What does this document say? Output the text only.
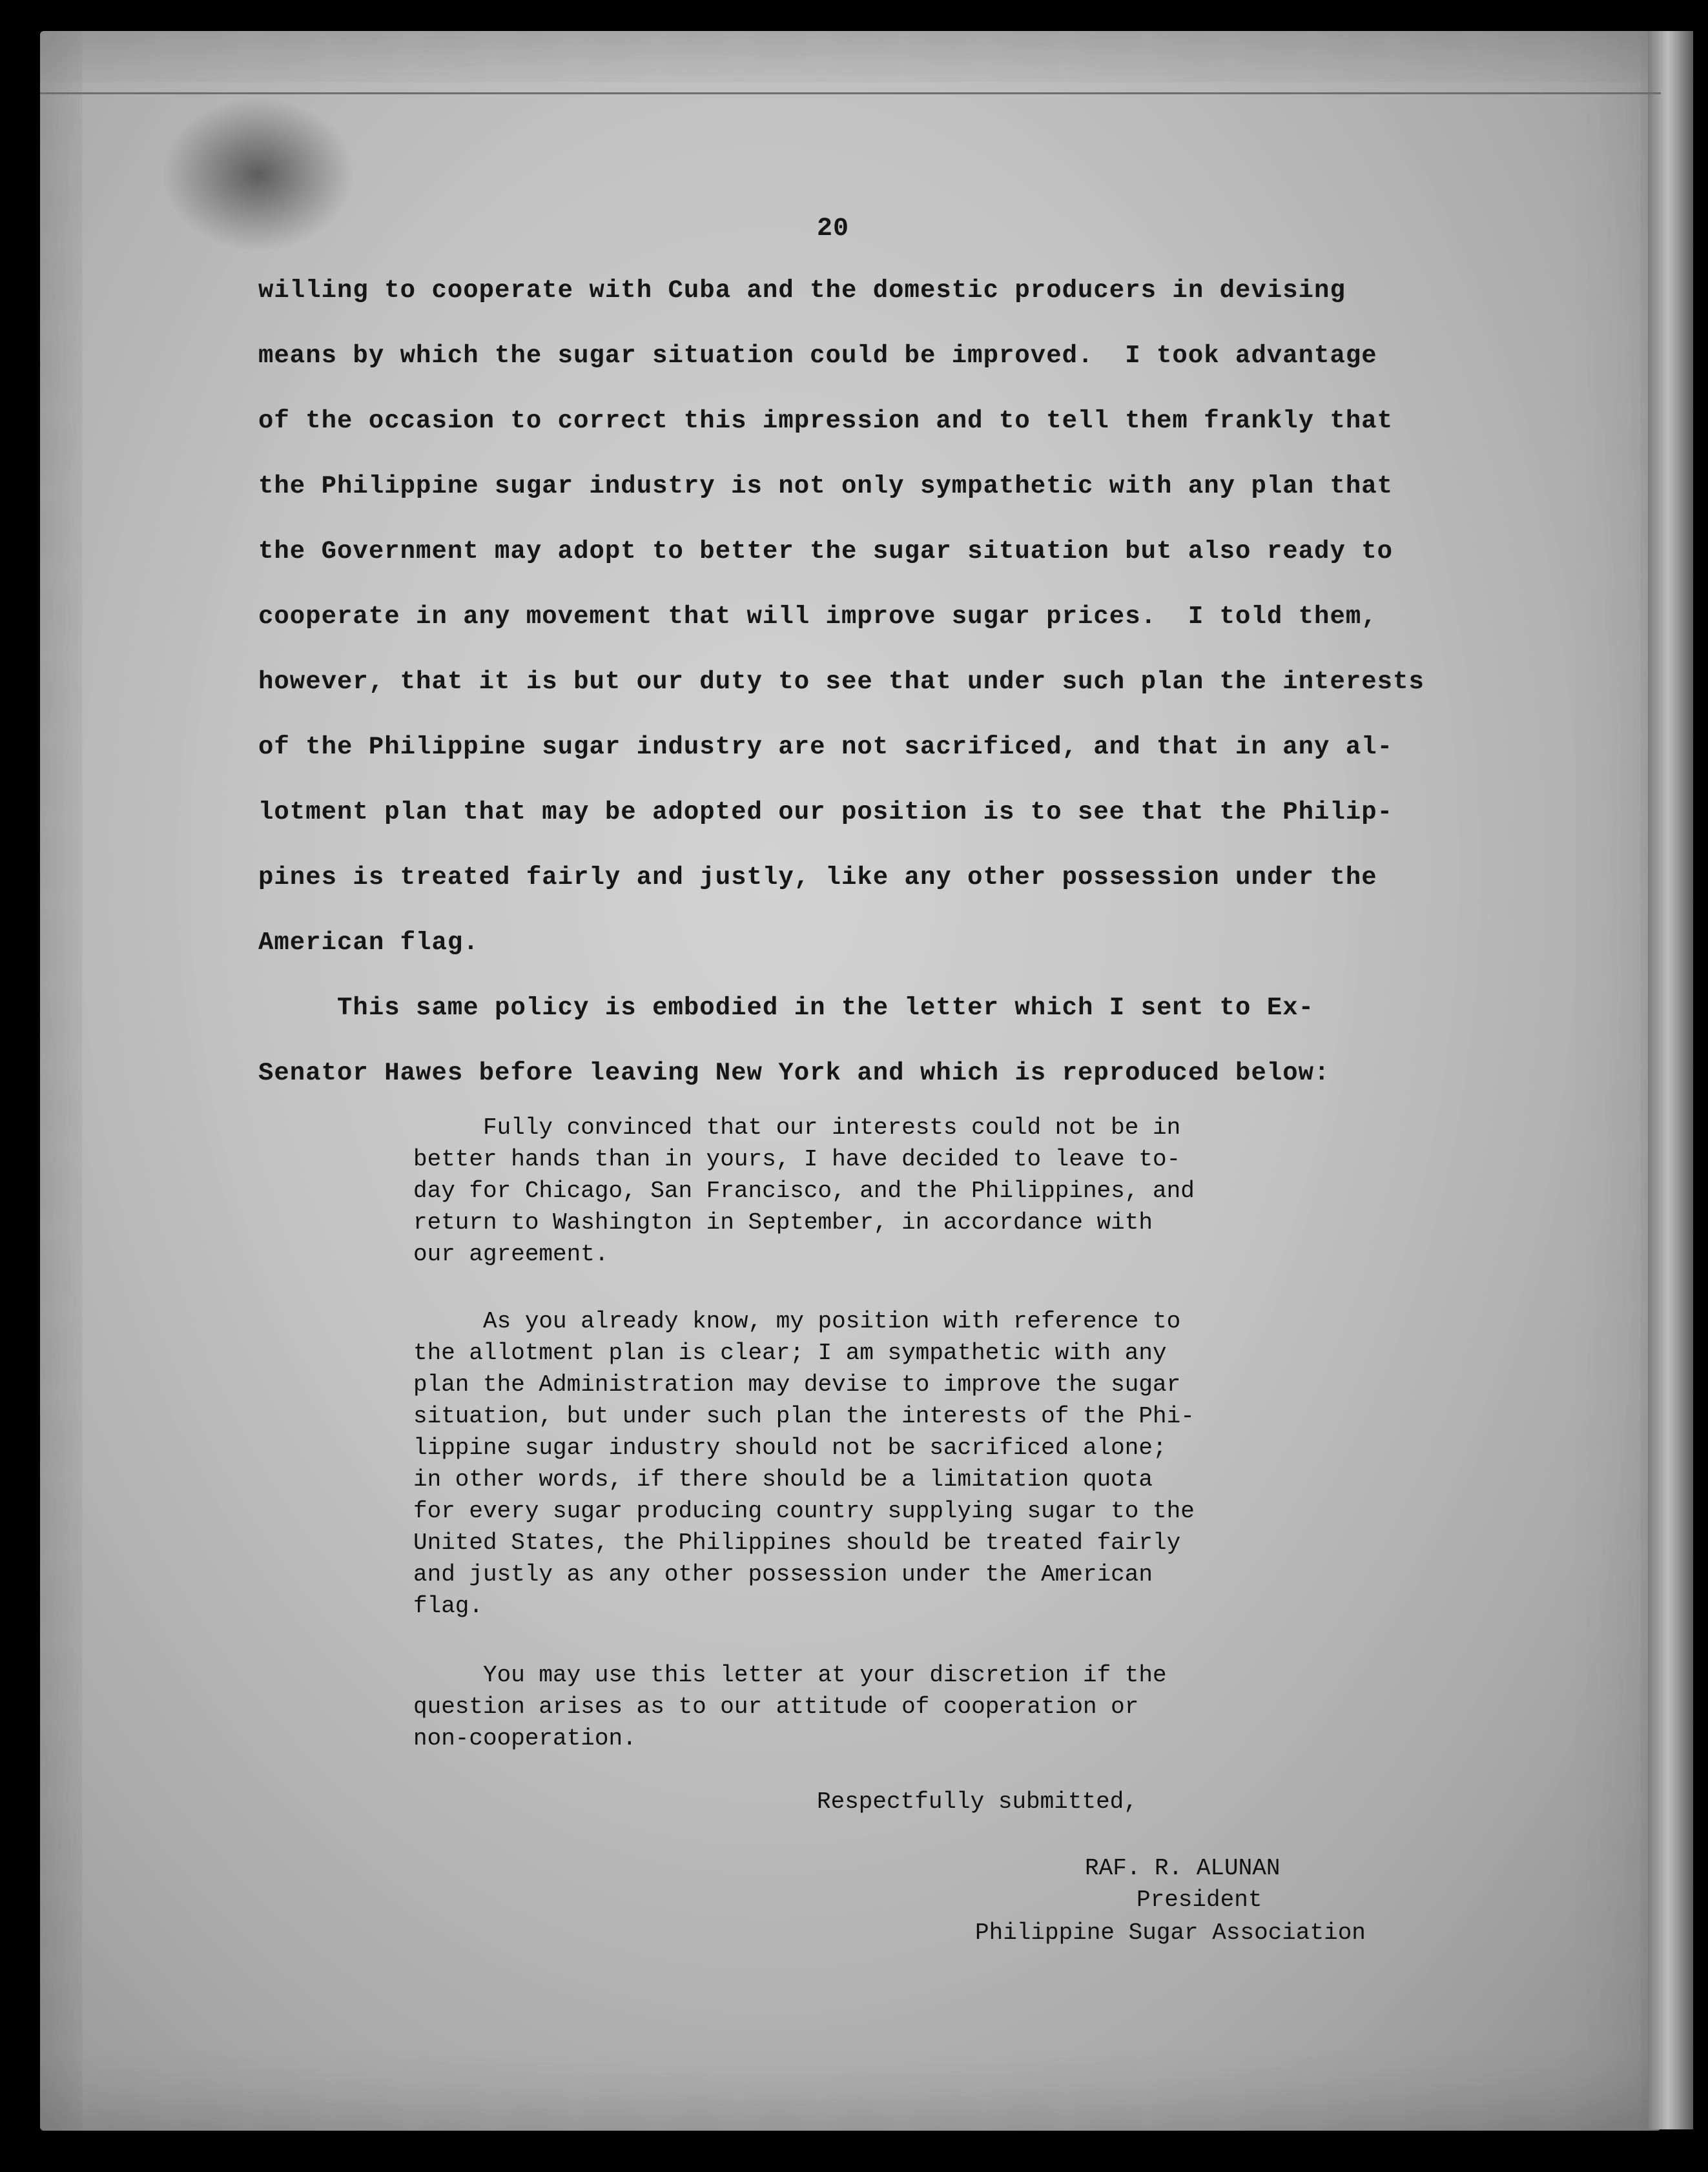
20
willing to cooperate with Cuba and the domestic producers in devising
means by which the sugar situation could be improved.  I took advantage
of the occasion to correct this impression and to tell them frankly that
the Philippine sugar industry is not only sympathetic with any plan that
the Government may adopt to better the sugar situation but also ready to
cooperate in any movement that will improve sugar prices.  I told them,
however, that it is but our duty to see that under such plan the interests
of the Philippine sugar industry are not sacrificed, and that in any al-
lotment plan that may be adopted our position is to see that the Philip-
pines is treated fairly and justly, like any other possession under the
American flag.
This same policy is embodied in the letter which I sent to Ex-
Senator Hawes before leaving New York and which is reproduced below:
Fully convinced that our interests could not be in
better hands than in yours, I have decided to leave to-
day for Chicago, San Francisco, and the Philippines, and
return to Washington in September, in accordance with
our agreement.
As you already know, my position with reference to
the allotment plan is clear; I am sympathetic with any
plan the Administration may devise to improve the sugar
situation, but under such plan the interests of the Phi-
lippine sugar industry should not be sacrificed alone;
in other words, if there should be a limitation quota
for every sugar producing country supplying sugar to the
United States, the Philippines should be treated fairly
and justly as any other possession under the American
flag.
You may use this letter at your discretion if the
question arises as to our attitude of cooperation or
non-cooperation.
Respectfully submitted,
RAF. R. ALUNAN
President
Philippine Sugar Association
